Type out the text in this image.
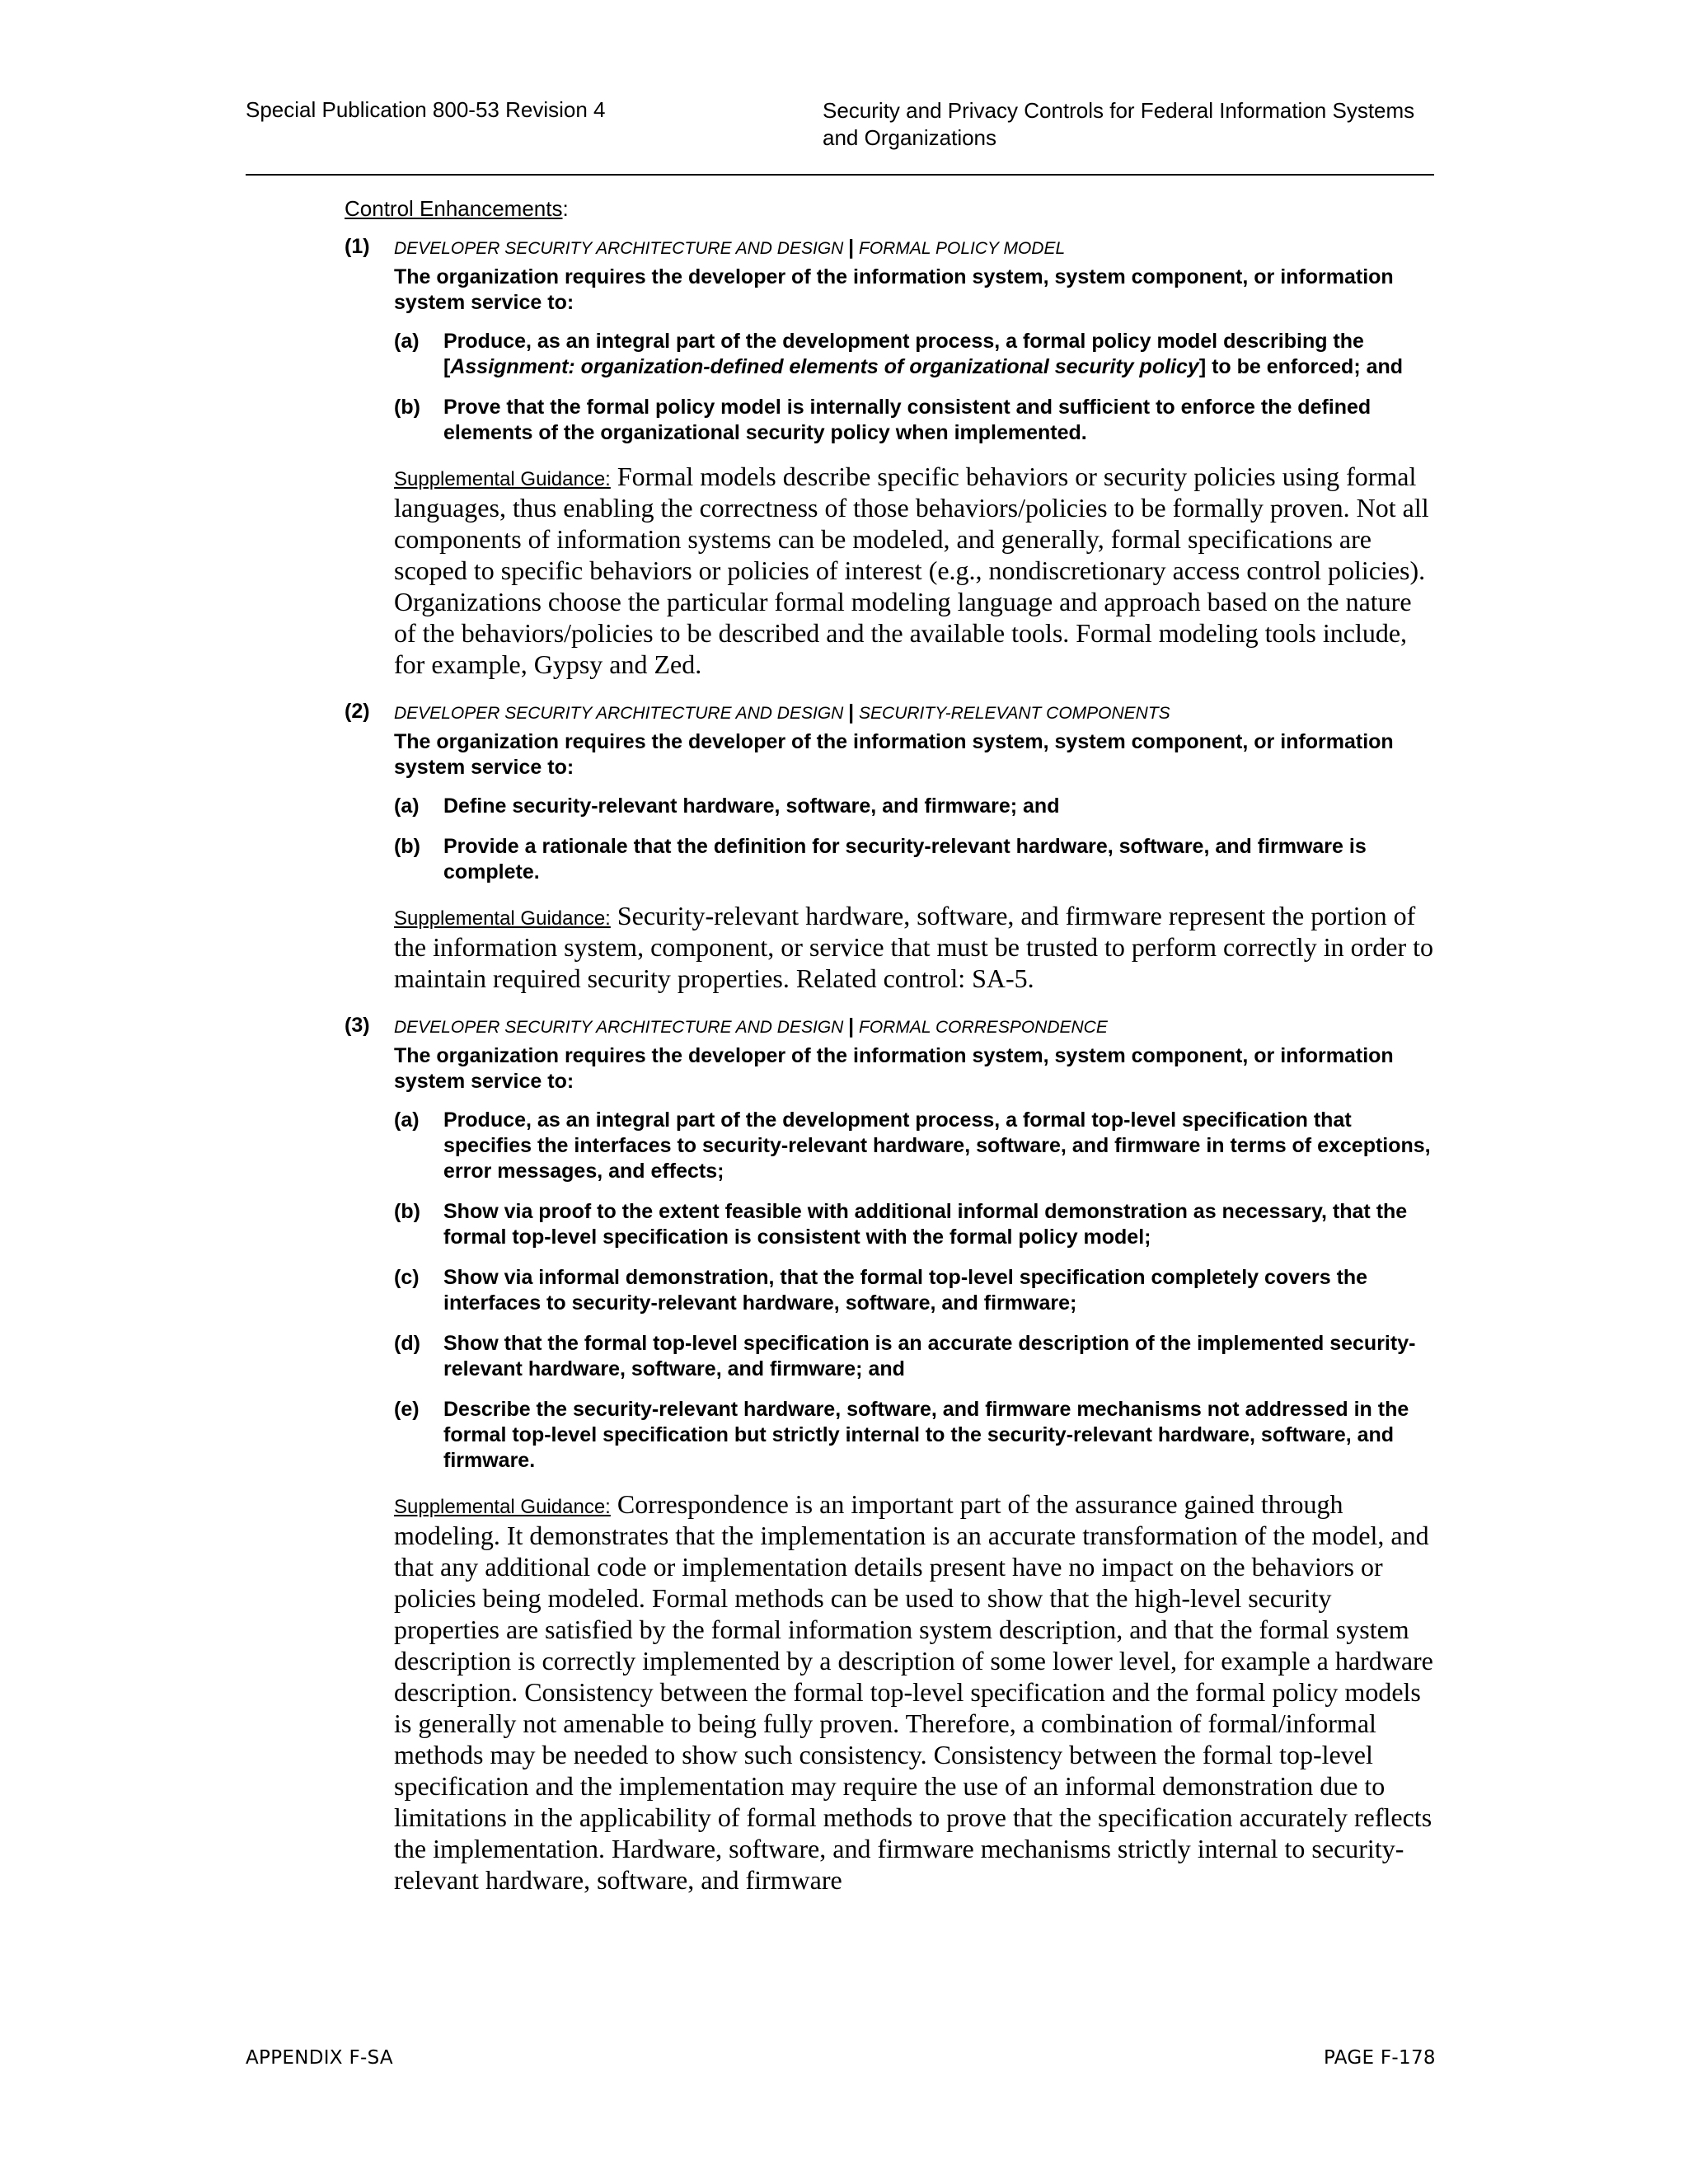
Special Publication 800-53 Revision 4	Security and Privacy Controls for Federal Information Systems
and Organizations
Control Enhancements:
(1) DEVELOPER SECURITY ARCHITECTURE AND DESIGN | FORMAL POLICY MODEL
The organization requires the developer of the information system, system component, or information system service to:
(a) Produce, as an integral part of the development process, a formal policy model describing the [Assignment: organization-defined elements of organizational security policy] to be enforced; and
(b) Prove that the formal policy model is internally consistent and sufficient to enforce the defined elements of the organizational security policy when implemented.
Supplemental Guidance: Formal models describe specific behaviors or security policies using formal languages, thus enabling the correctness of those behaviors/policies to be formally proven. Not all components of information systems can be modeled, and generally, formal specifications are scoped to specific behaviors or policies of interest (e.g., nondiscretionary access control policies). Organizations choose the particular formal modeling language and approach based on the nature of the behaviors/policies to be described and the available tools. Formal modeling tools include, for example, Gypsy and Zed.
(2) DEVELOPER SECURITY ARCHITECTURE AND DESIGN | SECURITY-RELEVANT COMPONENTS
The organization requires the developer of the information system, system component, or information system service to:
(a) Define security-relevant hardware, software, and firmware; and
(b) Provide a rationale that the definition for security-relevant hardware, software, and firmware is complete.
Supplemental Guidance: Security-relevant hardware, software, and firmware represent the portion of the information system, component, or service that must be trusted to perform correctly in order to maintain required security properties. Related control: SA-5.
(3) DEVELOPER SECURITY ARCHITECTURE AND DESIGN | FORMAL CORRESPONDENCE
The organization requires the developer of the information system, system component, or information system service to:
(a) Produce, as an integral part of the development process, a formal top-level specification that specifies the interfaces to security-relevant hardware, software, and firmware in terms of exceptions, error messages, and effects;
(b) Show via proof to the extent feasible with additional informal demonstration as necessary, that the formal top-level specification is consistent with the formal policy model;
(c) Show via informal demonstration, that the formal top-level specification completely covers the interfaces to security-relevant hardware, software, and firmware;
(d) Show that the formal top-level specification is an accurate description of the implemented security-relevant hardware, software, and firmware; and
(e) Describe the security-relevant hardware, software, and firmware mechanisms not addressed in the formal top-level specification but strictly internal to the security-relevant hardware, software, and firmware.
Supplemental Guidance: Correspondence is an important part of the assurance gained through modeling. It demonstrates that the implementation is an accurate transformation of the model, and that any additional code or implementation details present have no impact on the behaviors or policies being modeled. Formal methods can be used to show that the high-level security properties are satisfied by the formal information system description, and that the formal system description is correctly implemented by a description of some lower level, for example a hardware description. Consistency between the formal top-level specification and the formal policy models is generally not amenable to being fully proven. Therefore, a combination of formal/informal methods may be needed to show such consistency. Consistency between the formal top-level specification and the implementation may require the use of an informal demonstration due to limitations in the applicability of formal methods to prove that the specification accurately reflects the implementation. Hardware, software, and firmware mechanisms strictly internal to security-relevant hardware, software, and firmware
APPENDIX F-SA	PAGE F-178
